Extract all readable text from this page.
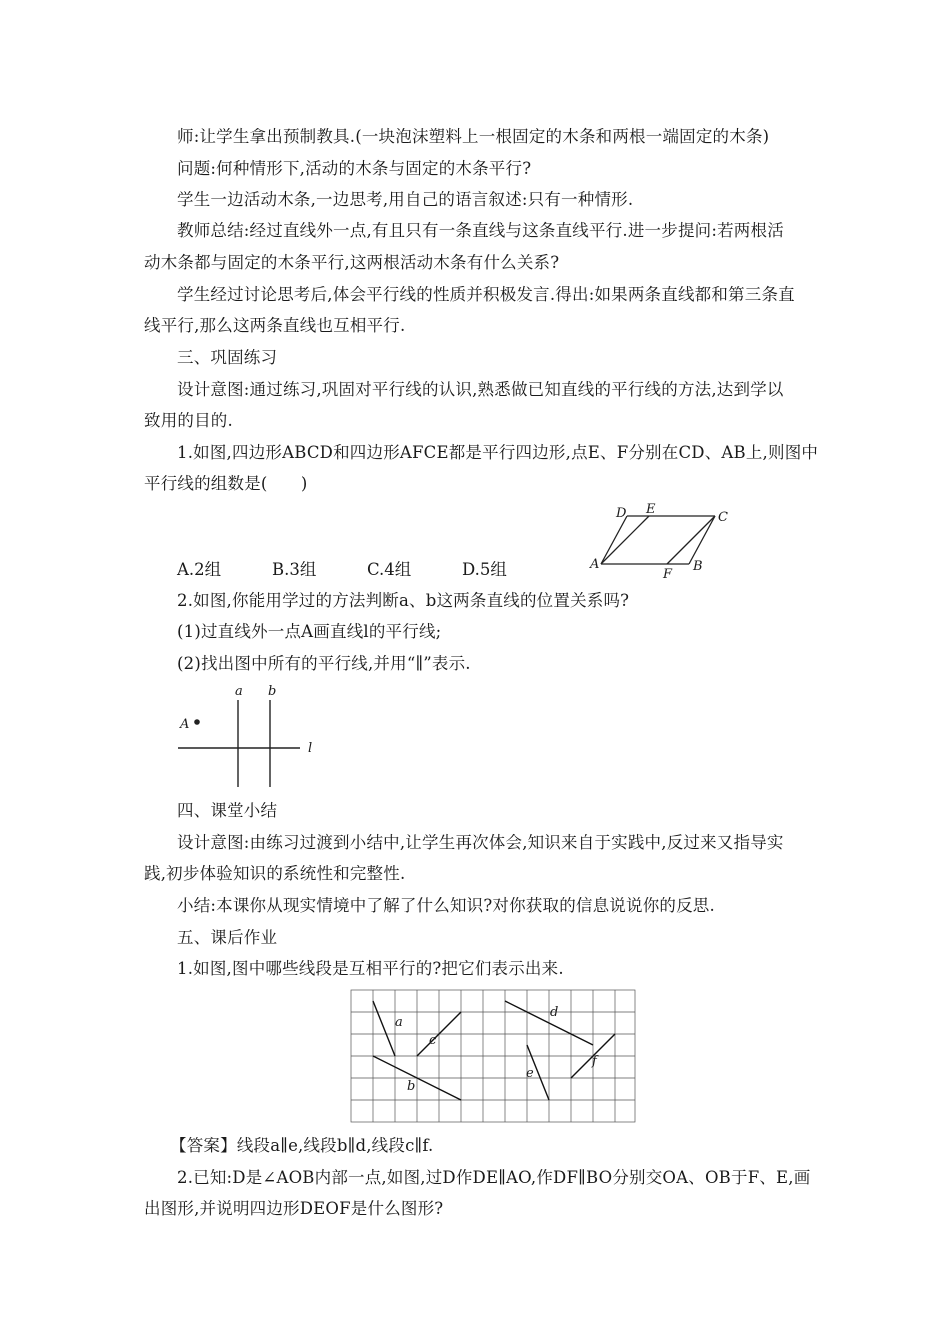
师:让学生拿出预制教具.(一块泡沫塑料上一根固定的木条和两根一端固定的木条)
问题:何种情形下,活动的木条与固定的木条平行?
学生一边活动木条,一边思考,用自己的语言叙述:只有一种情形.
教师总结:经过直线外一点,有且只有一条直线与这条直线平行.进一步提问:若两根活
动木条都与固定的木条平行,这两根活动木条有什么关系?
学生经过讨论思考后,体会平行线的性质并积极发言.得出:如果两条直线都和第三条直
线平行,那么这两条直线也互相平行.
三、巩固练习
设计意图:通过练习,巩固对平行线的认识,熟悉做已知直线的平行线的方法,达到学以
致用的目的.
1.如图,四边形ABCD和四边形AFCE都是平行四边形,点E、F分别在CD、AB上,则图中
平行线的组数是(　　)
A.2组	B.3组	C.4组	D.5组
D E
C
A
F
B
2.如图,你能用学过的方法判断a、b这两条直线的位置关系吗?
(1)过直线外一点A画直线l的平行线;
(2)找出图中所有的平行线,并用“∥”表示.
a b
A
l
四、课堂小结
设计意图:由练习过渡到小结中,让学生再次体会,知识来自于实践中,反过来又指导实
践,初步体验知识的系统性和完整性.
小结:本课你从现实情境中了解了什么知识?对你获取的信息说说你的反思.
五、课后作业
1.如图,图中哪些线段是互相平行的?把它们表示出来.
a
c
b
d
e
f
【答案】线段a∥e,线段b∥d,线段c∥f.
2.已知:D是∠AOB内部一点,如图,过D作DE∥AO,作DF∥BO分别交OA、OB于F、E,画
出图形,并说明四边形DEOF是什么图形?
